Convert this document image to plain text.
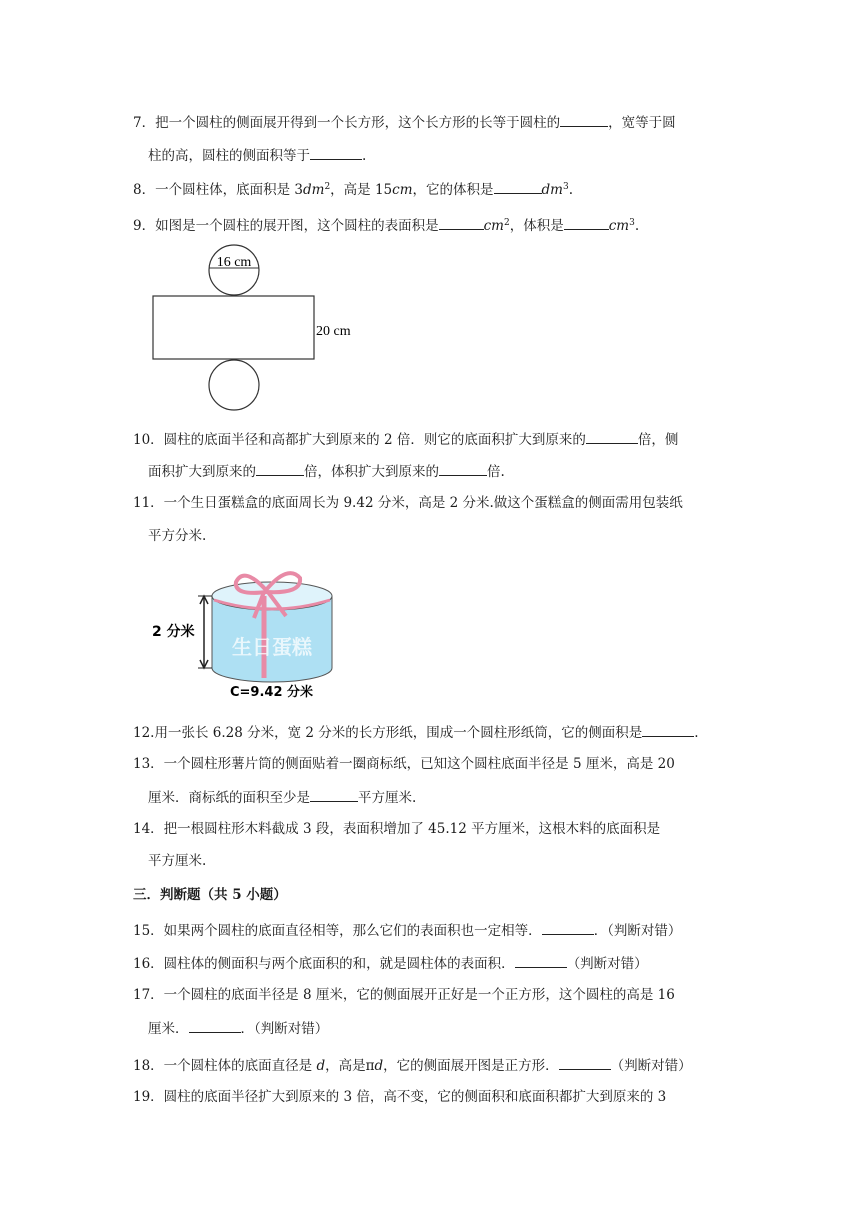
7．把一个圆柱的侧面展开得到一个长方形，这个长方形的长等于圆柱的	，宽等于圆
柱的高，圆柱的侧面积等于	.
8．一个圆柱体，底面积是 $3dm^2$，高是 15cm，它的体积是	$dm^3$.
9．如图是一个圆柱的展开图，这个圆柱的表面积是	$cm^2$，体积是	$cm^3$.
16 cm
20 cm
10．圆柱的底面半径和高都扩大到原来的 2 倍．则它的底面积扩大到原来的	倍，侧
面积扩大到原来的	倍，体积扩大到原来的	倍.
11．一个生日蛋糕盒的底面周长为 9.42 分米，高是 2 分米.做这个蛋糕盒的侧面需用包装纸
平方分米.
生日蛋糕
2 分米
C=9.42 分米
12.用一张长 6.28 分米，宽 2 分米的长方形纸，围成一个圆柱形纸筒，它的侧面积是	.
13．一个圆柱形薯片筒的侧面贴着一圈商标纸，已知这个圆柱底面半径是 5 厘米，高是 20
厘米．商标纸的面积至少是	平方厘米.
14．把一根圆柱形木料截成 3 段，表面积增加了 45.12 平方厘米，这根木料的底面积是
平方厘米.
三．判断题（共 5 小题）
15．如果两个圆柱的底面直径相等，那么它们的表面积也一定相等．	．（判断对错）
16．圆柱体的侧面积与两个底面积的和，就是圆柱体的表面积．	（判断对错）
17．一个圆柱的底面半径是 8 厘米，它的侧面展开正好是一个正方形，这个圆柱的高是 16
厘米．	．（判断对错）
18．一个圆柱体的底面直径是 d，高是πd，它的侧面展开图是正方形．	（判断对错）
19．圆柱的底面半径扩大到原来的 3 倍，高不变，它的侧面积和底面积都扩大到原来的 3
